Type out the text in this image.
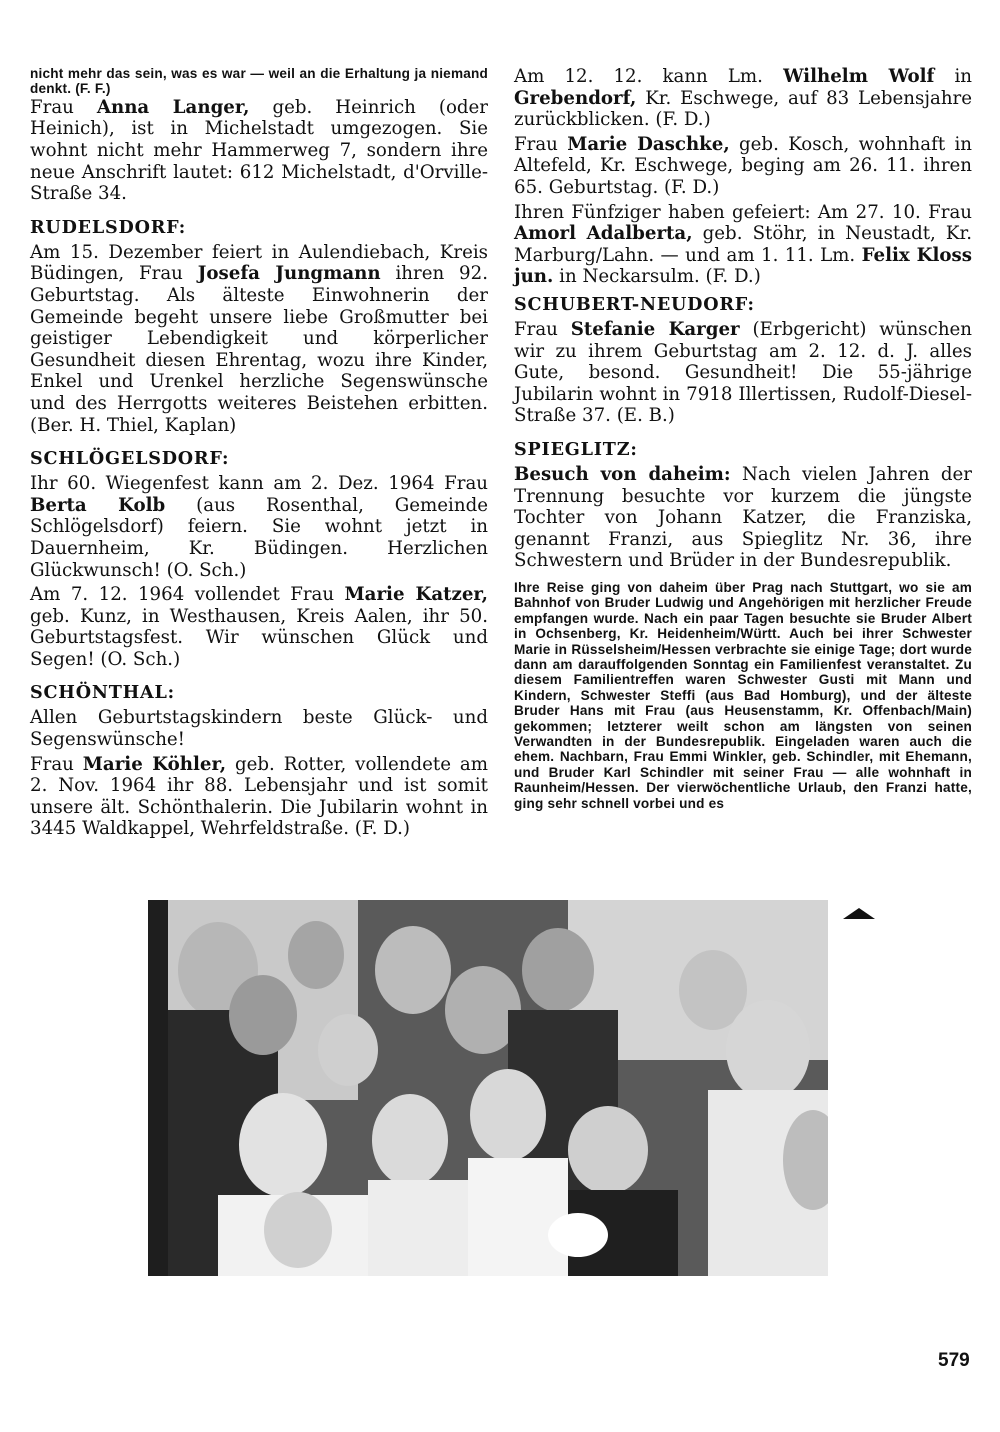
nicht mehr das sein, was es war — weil an die Erhaltung ja niemand denkt. (F. F.)

Frau Anna Langer, geb. Heinrich (oder Heinich), ist in Michelstadt umgezogen. Sie wohnt nicht mehr Hammerweg 7, sondern ihre neue Anschrift lautet: 612 Michelstadt, d'Orville-Straße 34.

RUDELSDORF:

Am 15. Dezember feiert in Aulendiebach, Kreis Büdingen, Frau Josefa Jungmann ihren 92. Geburtstag. Als älteste Einwohnerin der Gemeinde begeht unsere liebe Großmutter bei geistiger Lebendigkeit und körperlicher Gesundheit diesen Ehrentag, wozu ihre Kinder, Enkel und Urenkel herzliche Segenswünsche und des Herrgotts weiteres Beistehen erbitten. (Ber. H. Thiel, Kaplan)

SCHLÖGELSDORF:

Ihr 60. Wiegenfest kann am 2. Dez. 1964 Frau Berta Kolb (aus Rosenthal, Gemeinde Schlögelsdorf) feiern. Sie wohnt jetzt in Dauernheim, Kr. Büdingen. Herzlichen Glückwunsch! (O. Sch.)

Am 7. 12. 1964 vollendet Frau Marie Katzer, geb. Kunz, in Westhausen, Kreis Aalen, ihr 50. Geburtstagsfest. Wir wünschen Glück und Segen! (O. Sch.)

SCHÖNTHAL:

Allen Geburtstagskindern beste Glück- und Segenswünsche!

Frau Marie Köhler, geb. Rotter, vollendete am 2. Nov. 1964 ihr 88. Lebensjahr und ist somit unsere ält. Schönthalerin. Die Jubilarin wohnt in 3445 Waldkappel, Wehrfeldstraße. (F. D.)

Am 12. 12. kann Lm. Wilhelm Wolf in Grebendorf, Kr. Eschwege, auf 83 Lebensjahre zurückblicken. (F. D.)

Frau Marie Daschke, geb. Kosch, wohnhaft in Altefeld, Kr. Eschwege, beging am 26. 11. ihren 65. Geburtstag. (F. D.)

Ihren Fünfziger haben gefeiert: Am 27. 10. Frau Amorl Adalberta, geb. Stöhr, in Neustadt, Kr. Marburg/Lahn. — und am 1. 11. Lm. Felix Kloss jun. in Neckarsulm. (F. D.)

SCHUBERT-NEUDORF:

Frau Stefanie Karger (Erbgericht) wünschen wir zu ihrem Geburtstag am 2. 12. d. J. alles Gute, besond. Gesundheit! Die 55-jährige Jubilarin wohnt in 7918 Illertissen, Rudolf-Diesel-Straße 37. (E. B.)

SPIEGLITZ:

Besuch von daheim: Nach vielen Jahren der Trennung besuchte vor kurzem die jüngste Tochter von Johann Katzer, die Franziska, genannt Franzi, aus Spieglitz Nr. 36, ihre Schwestern und Brüder in der Bundesrepublik.

Ihre Reise ging von daheim über Prag nach Stuttgart, wo sie am Bahnhof von Bruder Ludwig und Angehörigen mit herzlicher Freude empfangen wurde. Nach ein paar Tagen besuchte sie Bruder Albert in Ochsenberg, Kr. Heidenheim/Württ. Auch bei ihrer Schwester Marie in Rüsselsheim/Hessen verbrachte sie einige Tage; dort wurde dann am darauffolgenden Sonntag ein Familienfest veranstaltet. Zu diesem Familientreffen waren Schwester Gusti mit Mann und Kindern, Schwester Steffi (aus Bad Homburg), und der älteste Bruder Hans mit Frau (aus Heusenstamm, Kr. Offenbach/Main) gekommen; letzterer weilt schon am längsten von seinen Verwandten in der Bundesrepublik. Eingeladen waren auch die ehem. Nachbarn, Frau Emmi Winkler, geb. Schindler, mit Ehemann, und Bruder Karl Schindler mit seiner Frau — alle wohnhaft in Raunheim/Hessen. Der vierwöchentliche Urlaub, den Franzi hatte, ging sehr schnell vorbei und es

579
